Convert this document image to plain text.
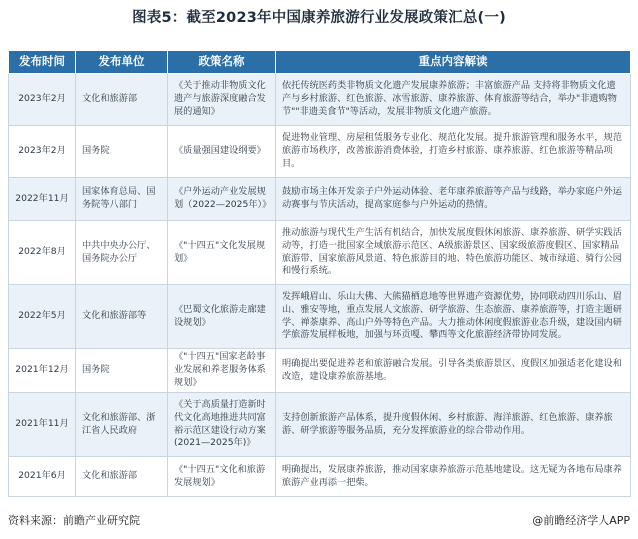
图表5：截至2023年中国康养旅游行业发展政策汇总(一)
发布时间	发布单位	政策名称	重点内容解读
2023年2月	文化和旅游部	《关于推动非物质文化遗产与旅游深度融合发展的通知》	依托传统医药类非物质文化遗产发展康养旅游；丰富旅游产品 支持将非物质文化遗产与乡村旅游、红色旅游、冰雪旅游、康养旅游、体育旅游等结合，举办"非遗购物节""非遗美食节"等活动，发展非物质文化遗产旅游。
2023年2月	国务院	《质量强国建设纲要》	促进物业管理、房屋租赁服务专业化、规范化发展。提升旅游管理和服务水平，规范旅游市场秩序，改善旅游消费体验，打造乡村旅游、康养旅游、红色旅游等精品项目。
2022年11月	国家体育总局、国务院等八部门	《户外运动产业发展规划（2022—2025年）》	鼓励市场主体开发亲子户外运动体验、老年康养旅游等产品与线路，举办家庭户外运动赛事与节庆活动，提高家庭参与户外运动的热情。
2022年8月	中共中央办公厅、国务院办公厅	《"十四五"文化发展规划》	推动旅游与现代生产生活有机结合，加快发展度假休闲旅游、康养旅游、研学实践活动等，打造一批国家全域旅游示范区、A级旅游景区、国家级旅游度假区、国家精品旅游带、国家旅游风景道、特色旅游目的地、特色旅游功能区、城市绿道、骑行公园和慢行系统。
2022年5月	文化和旅游部等	《巴蜀文化旅游走廊建设规划》	发挥峨眉山、乐山大佛、大熊猫栖息地等世界遗产资源优势，协同联动四川乐山、眉山、雅安等地，重点发展人文旅游、研学旅游、生态旅游、康养旅游等，打造主题研学、禅茶康养、高山户外等特色产品。大力推动休闲度假旅游业态升级，建设国内研学旅游发展样板地，加强与环贡嘎、攀西等文化旅游经济带协同发展。
2021年12月	国务院	《"十四五"国家老龄事业发展和养老服务体系规划》	明确提出要促进养老和旅游融合发展。引导各类旅游景区、度假区加强适老化建设和改造，建设康养旅游基地。
2021年11月	文化和旅游部、浙江省人民政府	《关于高质量打造新时代文化高地推进共同富裕示范区建设行动方案(2021—2025年)》	支持创新旅游产品体系，提升度假休闲、乡村旅游、海洋旅游、红色旅游、康养旅游、研学旅游等服务品质，充分发挥旅游业的综合带动作用。
2021年6月	文化和旅游部	《"十四五"文化和旅游发展规划》	明确提出，发展康养旅游，推动国家康养旅游示范基地建设。这无疑为各地布局康养旅游产业再添一把柴。
资料来源：前瞻产业研究院	@前瞻经济学人APP
